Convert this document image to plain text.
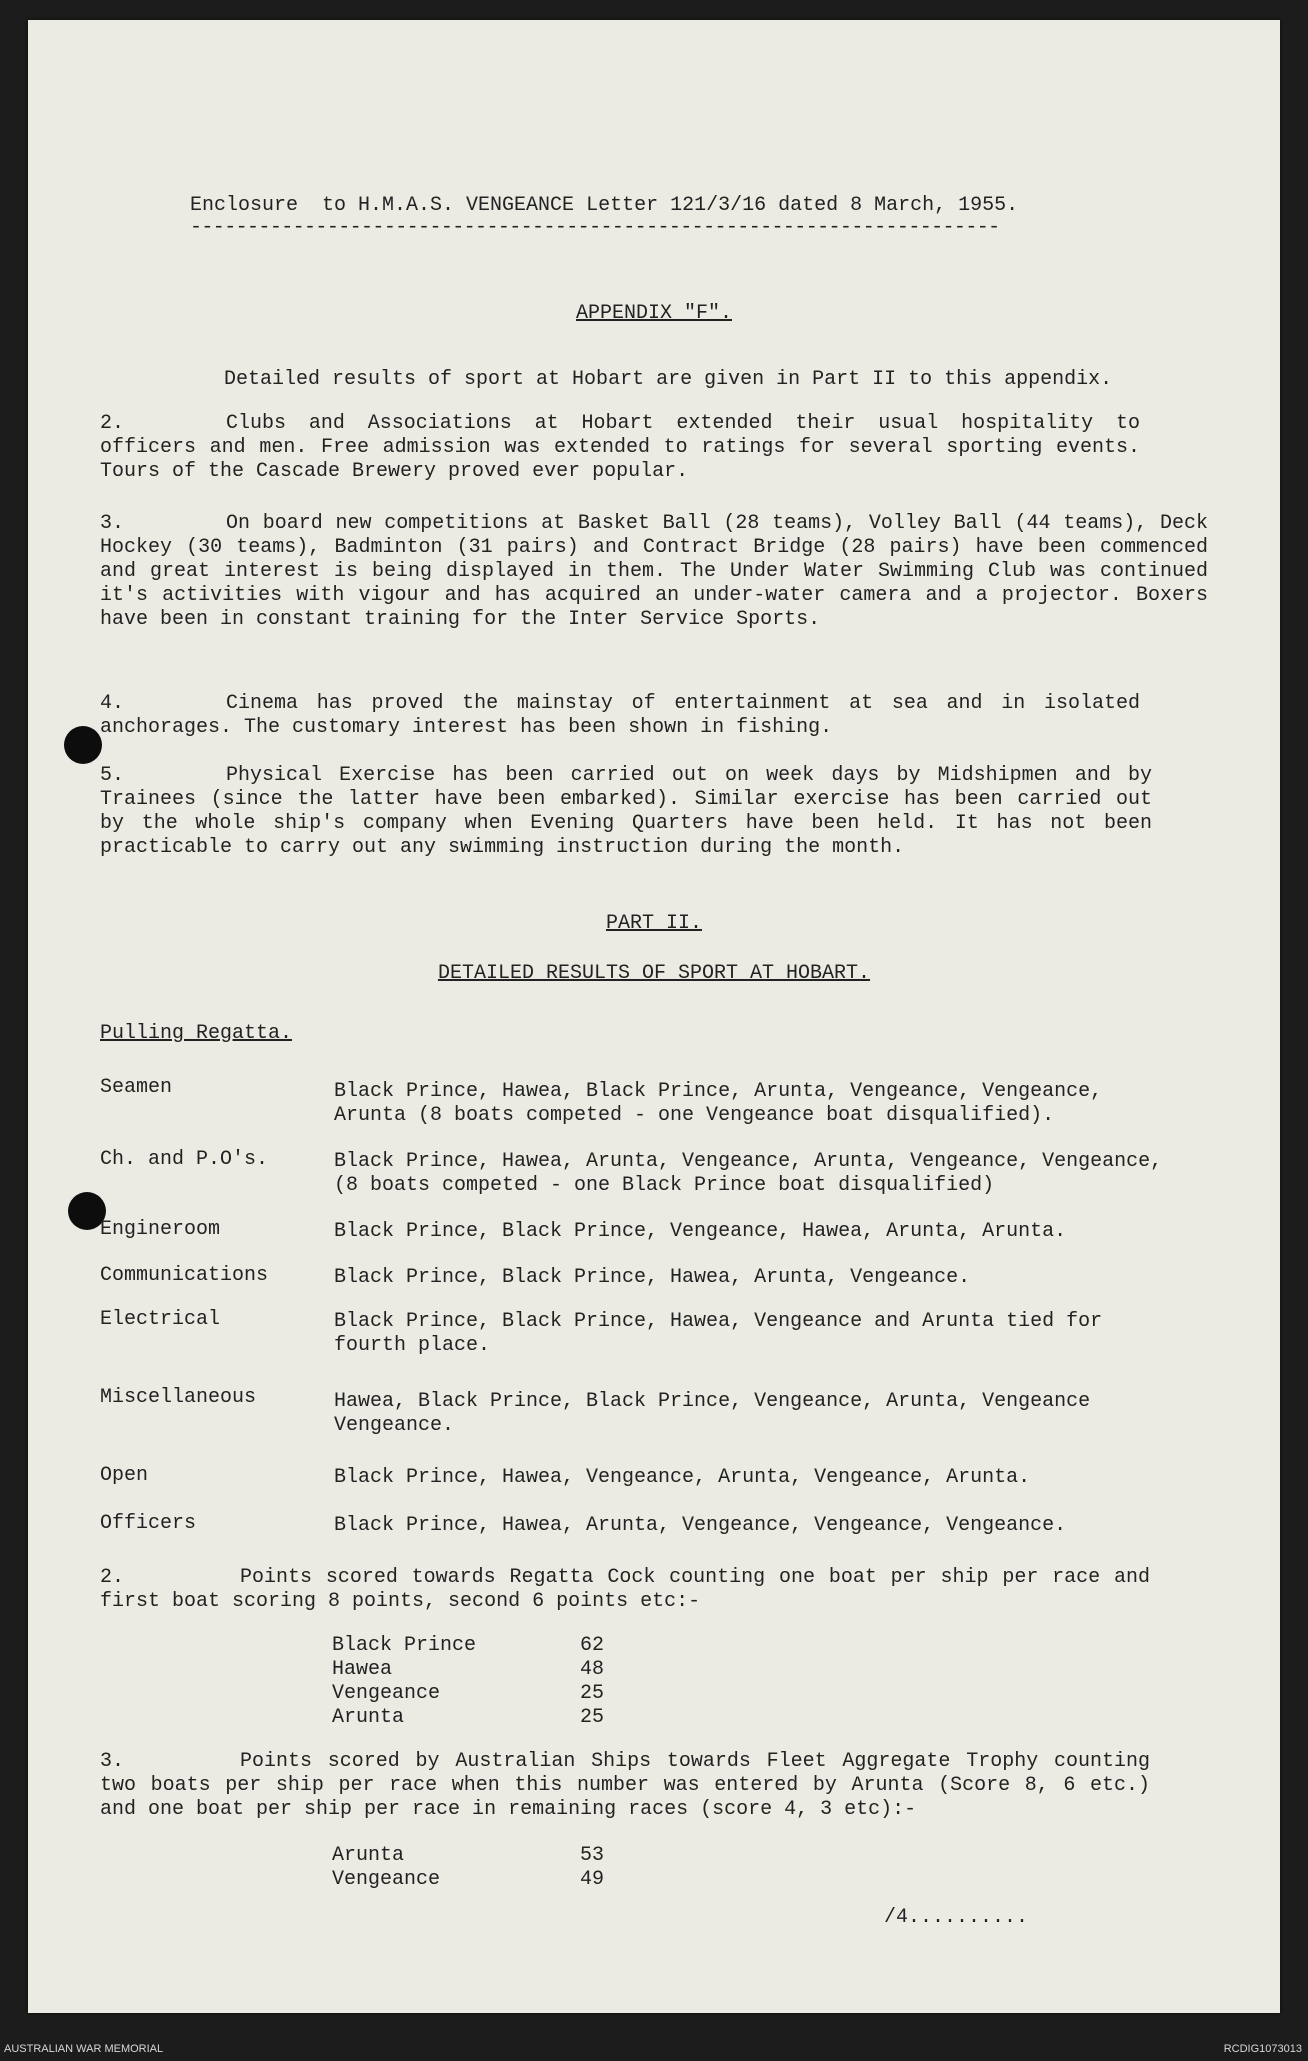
Enclosure  to H.M.A.S. VENGEANCE Letter 121/3/16 dated 8 March, 1955.
-----------------------------------------------------------------------
APPENDIX "F".
Detailed results of sport at Hobart are given in Part II to this appendix.
2.	Clubs and Associations at Hobart extended their usual hospitality to officers and men. Free admission was extended to ratings for several sporting events. Tours of the Cascade Brewery proved ever popular.
3.	On board new competitions at Basket Ball (28 teams), Volley Ball (44 teams), Deck Hockey (30 teams), Badminton (31 pairs) and Contract Bridge (28 pairs) have been commenced and great interest is being displayed in them. The Under Water Swimming Club was continued it's activities with vigour and has acquired an under-water camera and a projector. Boxers have been in constant training for the Inter Service Sports.
4.	Cinema has proved the mainstay of entertainment at sea and in isolated anchorages. The customary interest has been shown in fishing.
5.	Physical Exercise has been carried out on week days by Midshipmen and by Trainees (since the latter have been embarked). Similar exercise has been carried out by the whole ship's company when Evening Quarters have been held. It has not been practicable to carry out any swimming instruction during the month.
PART II.
DETAILED RESULTS OF SPORT AT HOBART.
Pulling Regatta.
Seamen	Black Prince, Hawea, Black Prince, Arunta, Vengeance, Vengeance, Arunta (8 boats competed - one Vengeance boat disqualified).
Ch. and P.O's.	Black Prince, Hawea, Arunta, Vengeance, Arunta, Vengeance, Vengeance,(8 boats competed - one Black Prince boat disqualified)
Engineroom	Black Prince, Black Prince, Vengeance, Hawea, Arunta, Arunta.
Communications	Black Prince, Black Prince, Hawea, Arunta, Vengeance.
Electrical	Black Prince, Black Prince, Hawea, Vengeance and Arunta tied for fourth place.
Miscellaneous	Hawea, Black Prince, Black Prince, Vengeance, Arunta, Vengeance Vengeance.
Open	Black Prince, Hawea, Vengeance, Arunta, Vengeance, Arunta.
Officers	Black Prince, Hawea, Arunta, Vengeance, Vengeance, Vengeance.
2.	Points scored towards Regatta Cock counting one boat per ship per race and first boat scoring 8 points, second 6 points etc:-
Black Prince	62
Hawea	48
Vengeance	25
Arunta	25
3.	Points scored by Australian Ships towards Fleet Aggregate Trophy counting two boats per ship per race when this number was entered by Arunta (Score 8, 6 etc.) and one boat per ship per race in remaining races (score 4, 3 etc):-
Arunta	53
Vengeance	49
/4..........
AUSTRALIAN WAR MEMORIAL	RCDIG1073013
